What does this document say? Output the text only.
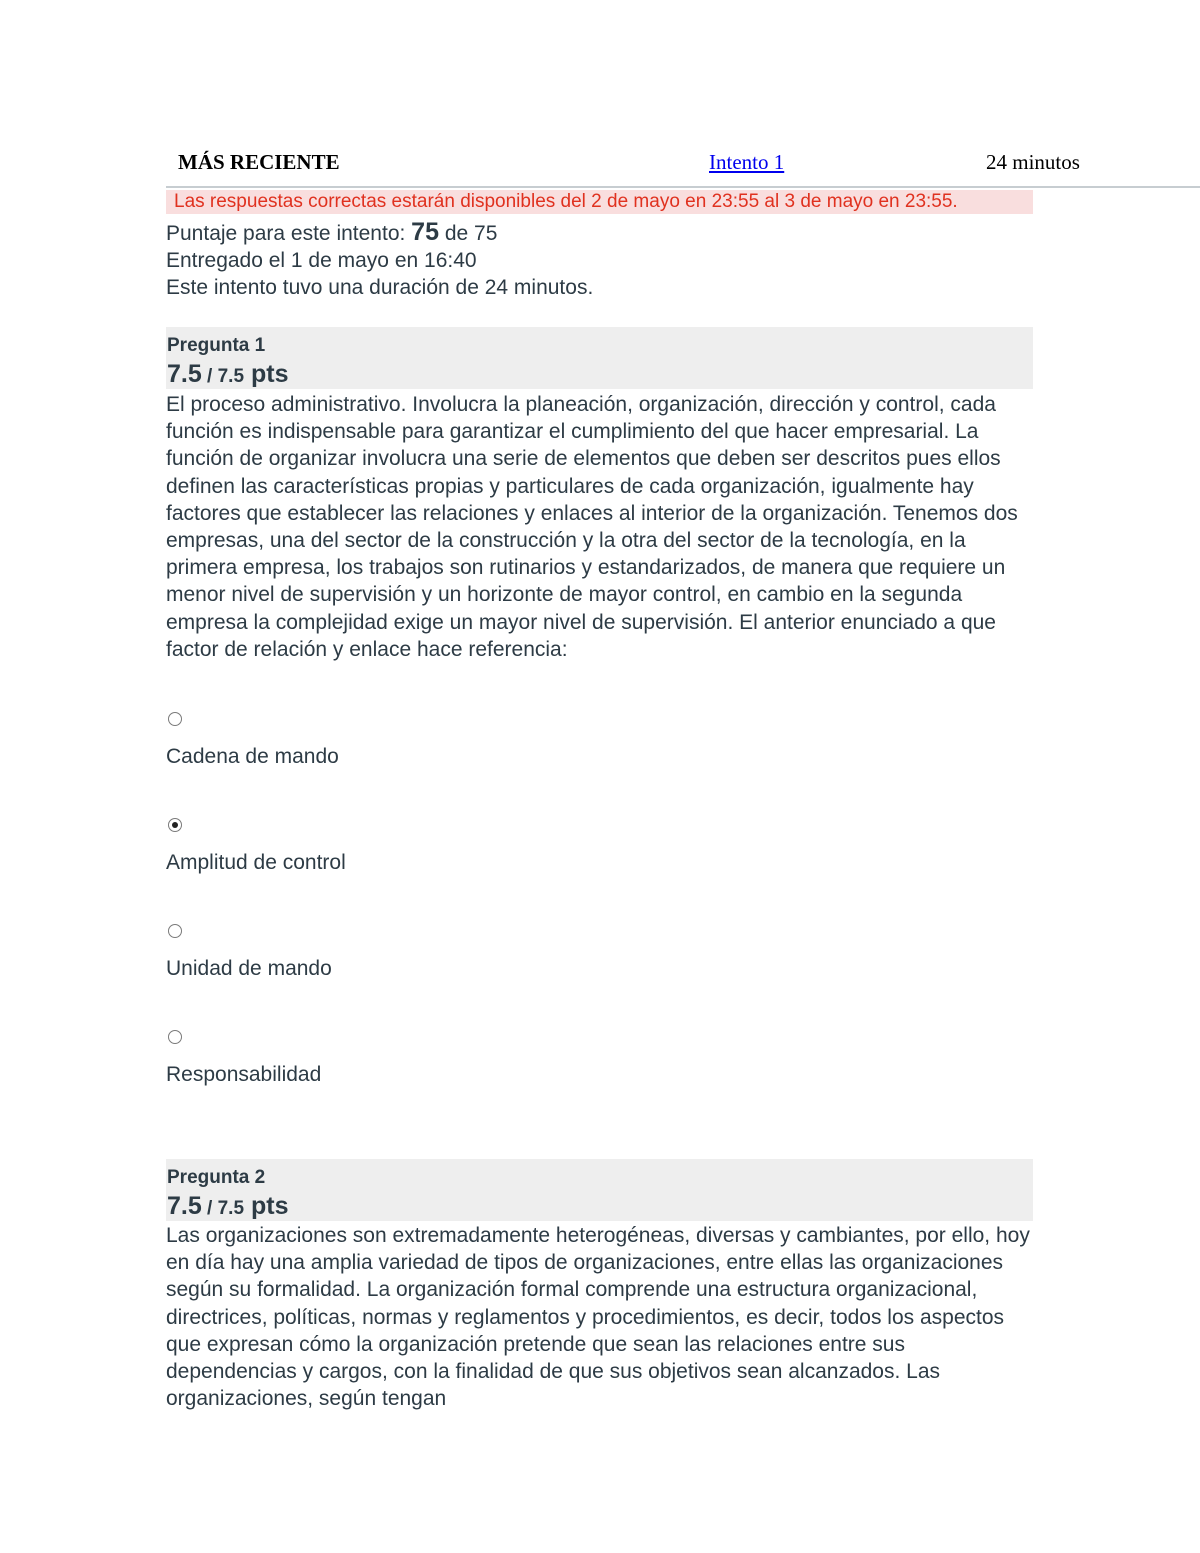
MÁS RECIENTE	Intento 1	24 minutos
Las respuestas correctas estarán disponibles del 2 de mayo en 23:55 al 3 de mayo en 23:55.
Puntaje para este intento: 75 de 75
Entregado el 1 de mayo en 16:40
Este intento tuvo una duración de 24 minutos.
Pregunta 1
7.5 / 7.5 pts
El proceso administrativo. Involucra la planeación, organización, dirección y control, cada función es indispensable para garantizar el cumplimiento del que hacer empresarial. La función de organizar involucra una serie de elementos que deben ser descritos pues ellos definen las características propias y particulares de cada organización, igualmente hay factores que establecer las relaciones y enlaces al interior de la organización. Tenemos dos empresas, una del sector de la construcción y la otra del sector de la tecnología, en la primera empresa, los trabajos son rutinarios y estandarizados, de manera que requiere un menor nivel de supervisión y un horizonte de mayor control, en cambio en la segunda empresa la complejidad exige un mayor nivel de supervisión. El anterior enunciado a que factor de relación y enlace hace referencia:
Cadena de mando
Amplitud de control
Unidad de mando
Responsabilidad
Pregunta 2
7.5 / 7.5 pts
Las organizaciones son extremadamente heterogéneas, diversas y cambiantes, por ello, hoy en día hay una amplia variedad de tipos de organizaciones, entre ellas las organizaciones según su formalidad. La organización formal comprende una estructura organizacional, directrices, políticas, normas y reglamentos y procedimientos, es decir, todos los aspectos que expresan cómo la organización pretende que sean las relaciones entre sus dependencias y cargos, con la finalidad de que sus objetivos sean alcanzados. Las organizaciones, según tengan
